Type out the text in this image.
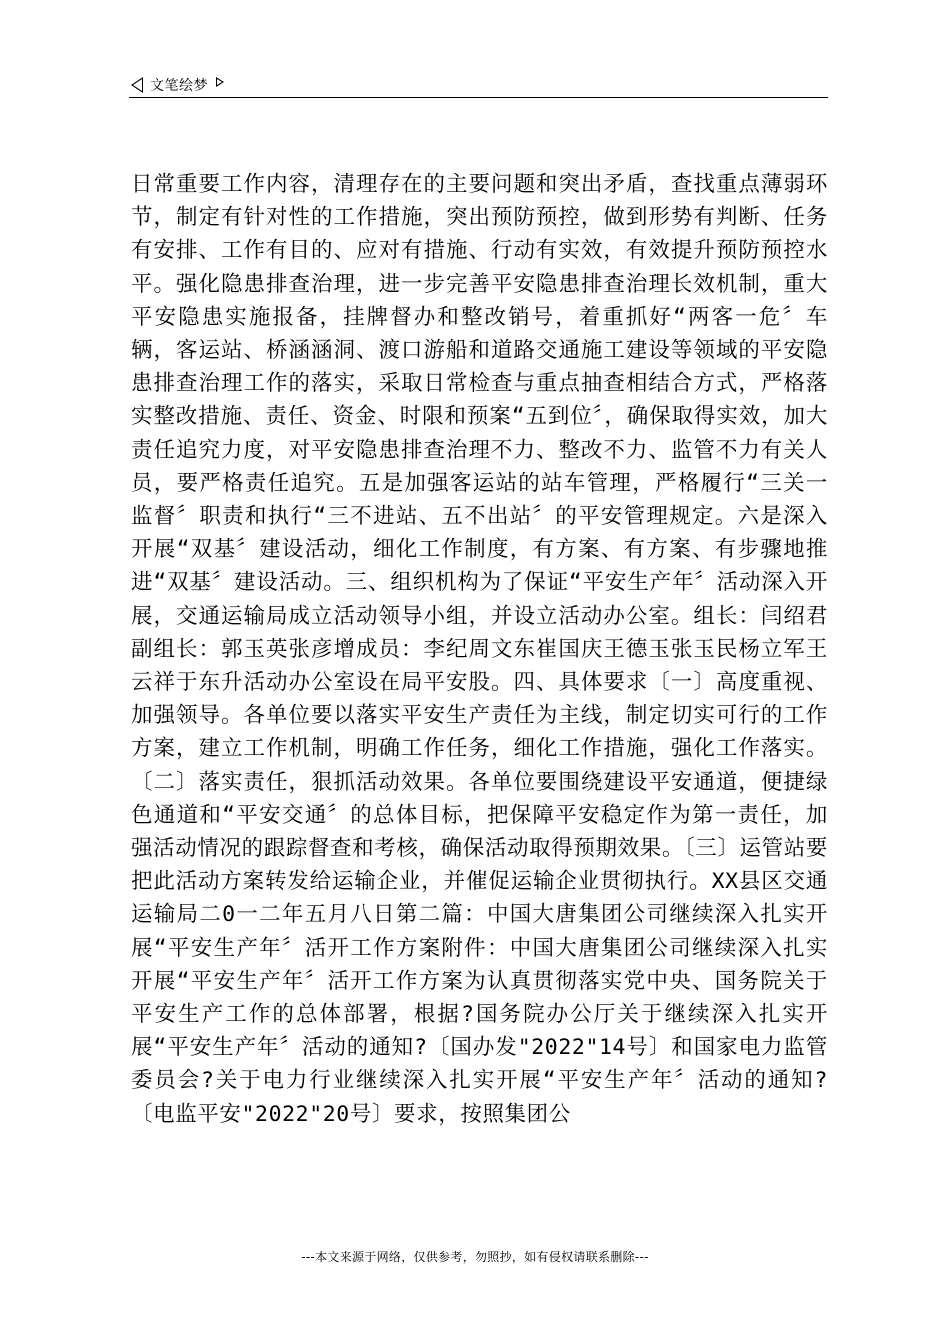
文笔绘梦

日常重要工作内容，清理存在的主要问题和突出矛盾，查找重点薄弱环节，制定有针对性的工作措施，突出预防预控，做到形势有判断、任务有安排、工作有目的、应对有措施、行动有实效，有效提升预防预控水平。强化隐患排查治理，进一步完善平安隐患排查治理长效机制，重大平安隐患实施报备，挂牌督办和整改销号，着重抓好“两客一危〞车辆，客运站、桥涵涵洞、渡口游船和道路交通施工建设等领域的平安隐患排查治理工作的落实，采取日常检查与重点抽查相结合方式，严格落实整改措施、责任、资金、时限和预案“五到位〞，确保取得实效，加大责任追究力度，对平安隐患排查治理不力、整改不力、监管不力有关人员，要严格责任追究。五是加强客运站的站车管理，严格履行“三关一监督〞职责和执行“三不进站、五不出站〞的平安管理规定。六是深入开展“双基〞建设活动，细化工作制度，有方案、有方案、有步骤地推进“双基〞建设活动。三、组织机构为了保证“平安生产年〞活动深入开展，交通运输局成立活动领导小组，并设立活动办公室。组长：闫绍君副组长：郭玉英张彦增成员：李纪周文东崔国庆王德玉张玉民杨立军王云祥于东升活动办公室设在局平安股。四、具体要求〔一〕高度重视、加强领导。各单位要以落实平安生产责任为主线，制定切实可行的工作方案，建立工作机制，明确工作任务，细化工作措施，强化工作落实。〔二〕落实责任，狠抓活动效果。各单位要围绕建设平安通道，便捷绿色通道和“平安交通〞的总体目标，把保障平安稳定作为第一责任，加强活动情况的跟踪督查和考核，确保活动取得预期效果。〔三〕运管站要把此活动方案转发给运输企业，并催促运输企业贯彻执行。XX县区交通运输局二0一二年五月八日第二篇：中国大唐集团公司继续深入扎实开展“平安生产年〞活开工作方案附件：中国大唐集团公司继续深入扎实开展“平安生产年〞活开工作方案为认真贯彻落实党中央、国务院关于平安生产工作的总体部署，根据?国务院办公厅关于继续深入扎实开展“平安生产年〞活动的通知?〔国办发"2022"14号〕和国家电力监管委员会?关于电力行业继续深入扎实开展“平安生产年〞活动的通知?〔电监平安"2022"20号〕要求，按照集团公

---本文来源于网络，仅供参考，勿照抄，如有侵权请联系删除---
